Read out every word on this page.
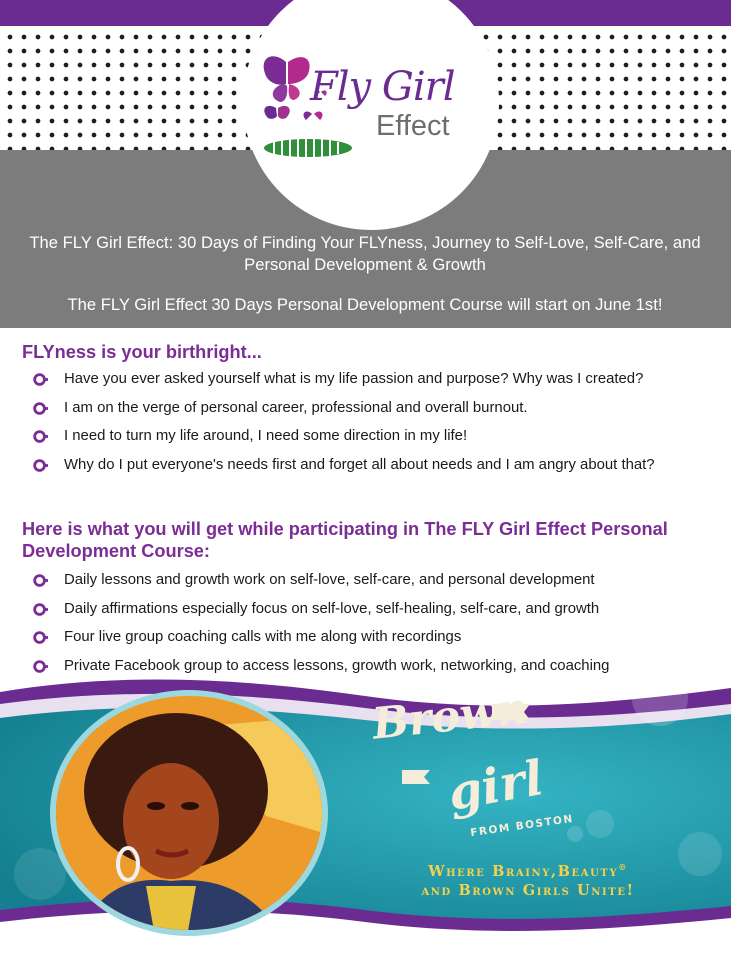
Fly Girl
Effect

The FLY Girl Effect: 30 Days of Finding Your FLYness, Journey to Self-Love, Self-Care, and Personal Development & Growth

The FLY Girl Effect 30 Days Personal Development Course will start on June 1st!

FLYness is your birthright...
Have you ever asked yourself what is my life passion and purpose? Why was I created?
I am on the verge of personal career, professional and overall burnout.
I need to turn my life around, I need some direction in my life!
Why do I put everyone's needs first and forget all about needs and I am angry about that?
Here is what you will get while participating in The FLY Girl Effect Personal Development Course:
Daily lessons and growth work on self-love, self-care, and personal development
Daily affirmations especially focus on self-love, self-healing, self-care, and growth
Four live group coaching calls with me along with recordings
Private Facebook group to access lessons, growth work, networking, and coaching
Brown
girl
FROM BOSTON
Where Brainy,Beauty®
and Brown Girls Unite!
